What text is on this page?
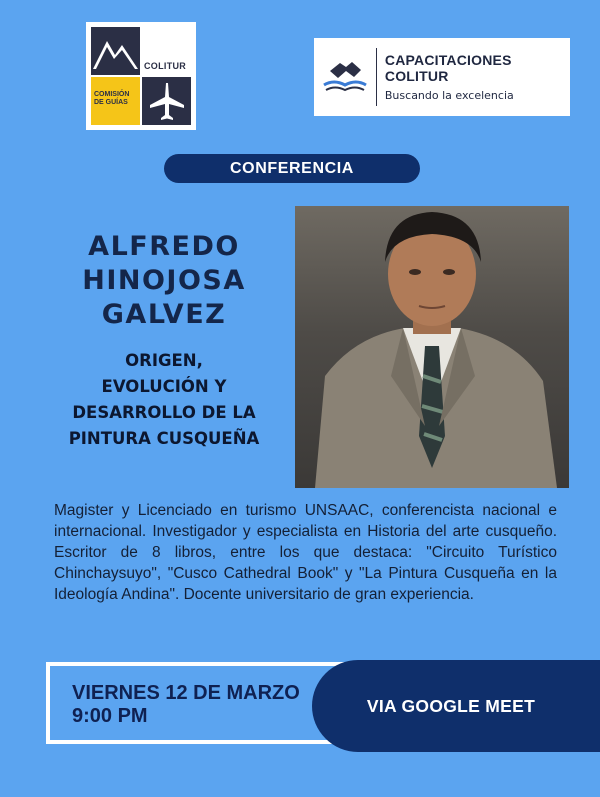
COLITUR
COMISIÓN
DE GUÍAS
CAPACITACIONES COLITUR
Buscando la excelencia
CONFERENCIA
ALFREDO
HINOJOSA
GALVEZ
ORIGEN,
EVOLUCIÓN Y
DESARROLLO DE LA
PINTURA CUSQUEÑA
Magister y Licenciado en turismo UNSAAC, conferencista nacional e internacional. Investigador y especialista en Historia del arte cusqueño. Escritor de 8 libros, entre los que destaca: "Circuito Turístico Chinchaysuyo", "Cusco Cathedral Book" y "La Pintura Cusqueña en la Ideología Andina". Docente universitario de gran experiencia.
VIERNES 12 DE MARZO
9:00 PM	VIA GOOGLE MEET
